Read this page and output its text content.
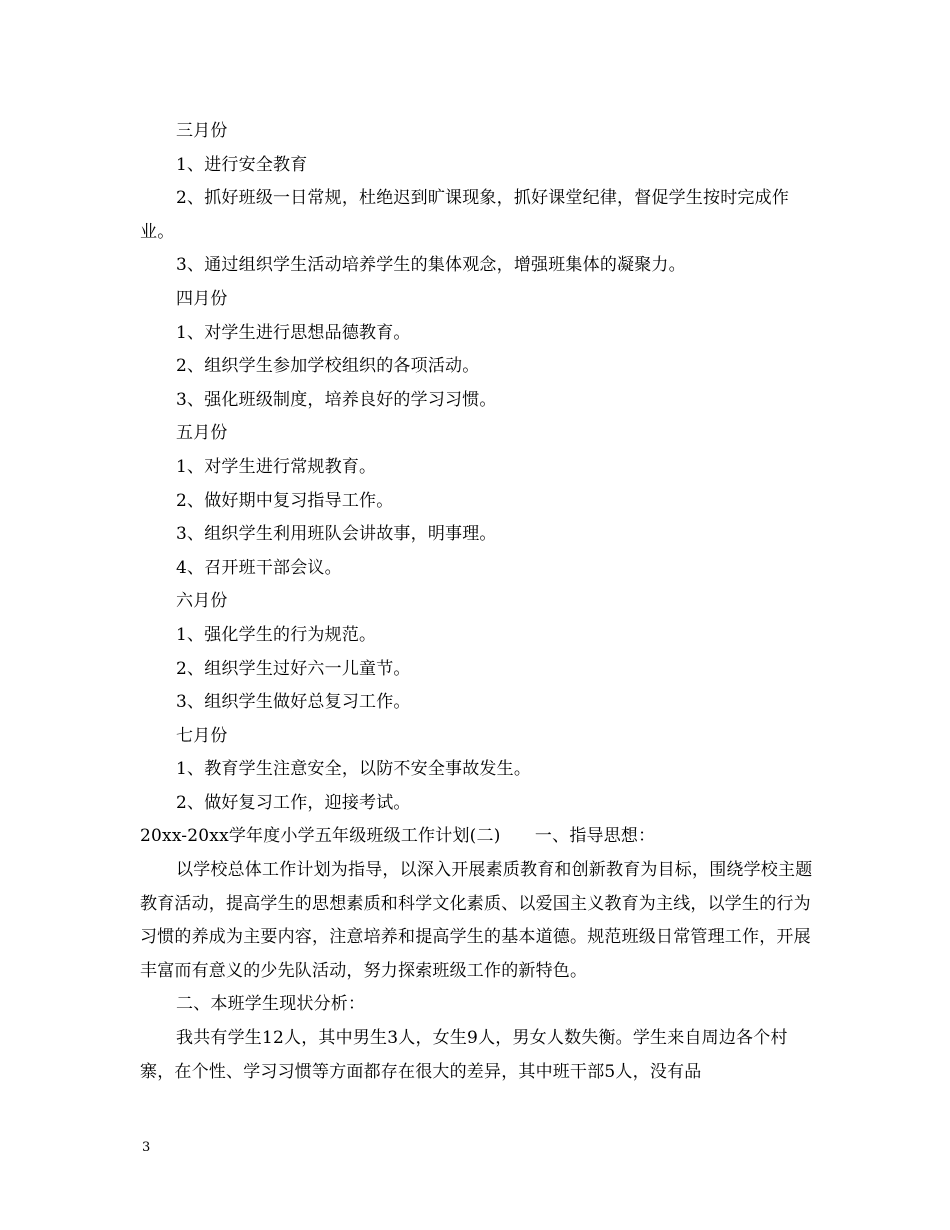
三月份

1、进行安全教育

2、抓好班级一日常规，杜绝迟到旷课现象，抓好课堂纪律，督促学生按时完成作业。

3、通过组织学生活动培养学生的集体观念，增强班集体的凝聚力。

四月份

1、对学生进行思想品德教育。

2、组织学生参加学校组织的各项活动。

3、强化班级制度，培养良好的学习习惯。

五月份

1、对学生进行常规教育。

2、做好期中复习指导工作。

3、组织学生利用班队会讲故事，明事理。

4、召开班干部会议。

六月份

1、强化学生的行为规范。

2、组织学生过好六一儿童节。

3、组织学生做好总复习工作。

七月份

1、教育学生注意安全，以防不安全事故发生。

2、做好复习工作，迎接考试。

20xx-20xx学年度小学五年级班级工作计划(二)　　一、指导思想：

以学校总体工作计划为指导，以深入开展素质教育和创新教育为目标，围绕学校主题教育活动，提高学生的思想素质和科学文化素质、以爱国主义教育为主线，以学生的行为习惯的养成为主要内容，注意培养和提高学生的基本道德。规范班级日常管理工作，开展丰富而有意义的少先队活动，努力探索班级工作的新特色。

二、本班学生现状分析：

我共有学生12人，其中男生3人，女生9人，男女人数失衡。学生来自周边各个村寨，在个性、学习习惯等方面都存在很大的差异，其中班干部5人，没有品

3
